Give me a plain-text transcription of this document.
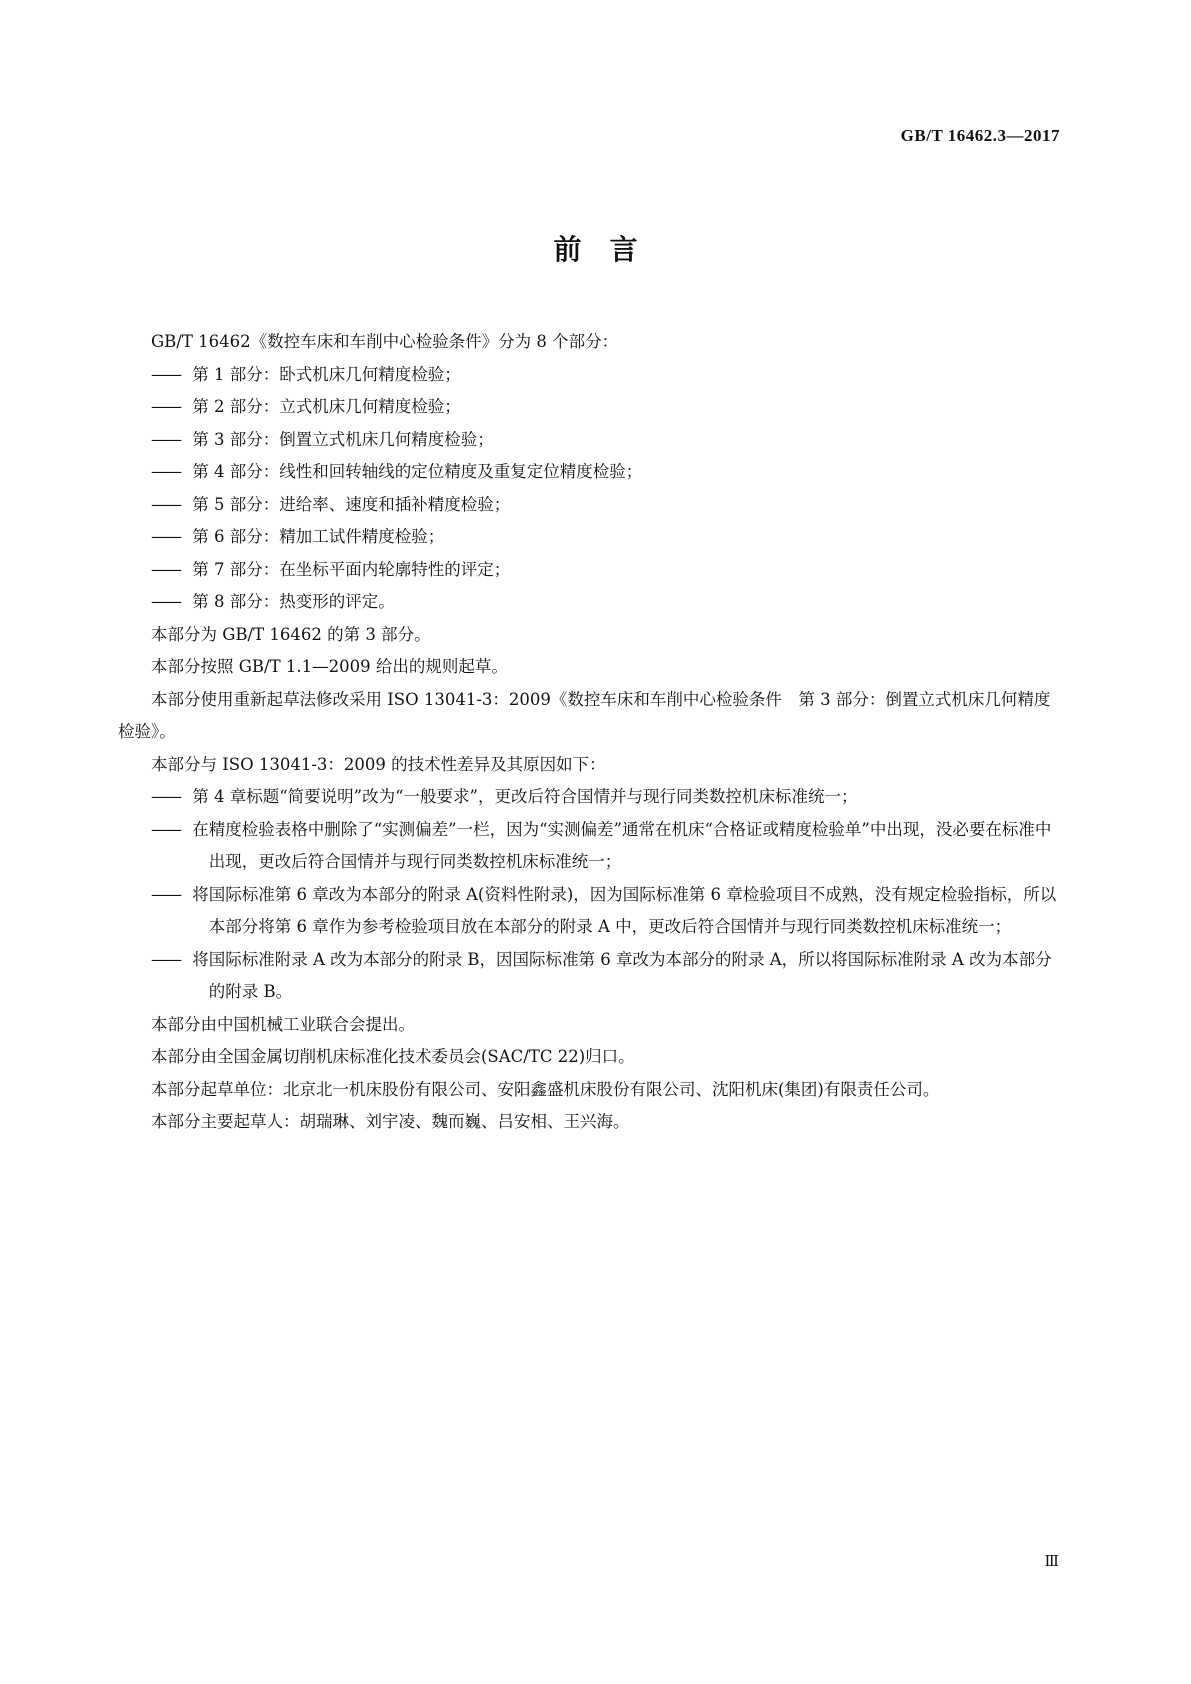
GB/T 16462.3—2017
前言

GB/T 16462《数控车床和车削中心检验条件》分为 8 个部分：

—— 第 1 部分：卧式机床几何精度检验；

—— 第 2 部分：立式机床几何精度检验；

—— 第 3 部分：倒置立式机床几何精度检验；

—— 第 4 部分：线性和回转轴线的定位精度及重复定位精度检验；

—— 第 5 部分：进给率、速度和插补精度检验；

—— 第 6 部分：精加工试件精度检验；

—— 第 7 部分：在坐标平面内轮廓特性的评定；

—— 第 8 部分：热变形的评定。

本部分为 GB/T 16462 的第 3 部分。

本部分按照 GB/T 1.1—2009 给出的规则起草。

本部分使用重新起草法修改采用 ISO 13041-3：2009《数控车床和车削中心检验条件　第 3 部分：倒置立式机床几何精度检验》。

本部分与 ISO 13041-3：2009 的技术性差异及其原因如下：

—— 第 4 章标题“简要说明”改为“一般要求”，更改后符合国情并与现行同类数控机床标准统一；

—— 在精度检验表格中删除了“实测偏差”一栏，因为“实测偏差”通常在机床“合格证或精度检验单”中出现，没必要在标准中出现，更改后符合国情并与现行同类数控机床标准统一；

—— 将国际标准第 6 章改为本部分的附录 A(资料性附录)，因为国际标准第 6 章检验项目不成熟，没有规定检验指标，所以本部分将第 6 章作为参考检验项目放在本部分的附录 A 中，更改后符合国情并与现行同类数控机床标准统一；

—— 将国际标准附录 A 改为本部分的附录 B，因国际标准第 6 章改为本部分的附录 A，所以将国际标准附录 A 改为本部分的附录 B。

本部分由中国机械工业联合会提出。

本部分由全国金属切削机床标准化技术委员会(SAC/TC 22)归口。

本部分起草单位：北京北一机床股份有限公司、安阳鑫盛机床股份有限公司、沈阳机床(集团)有限责任公司。

本部分主要起草人：胡瑞琳、刘宇凌、魏而巍、吕安相、王兴海。

Ⅲ
